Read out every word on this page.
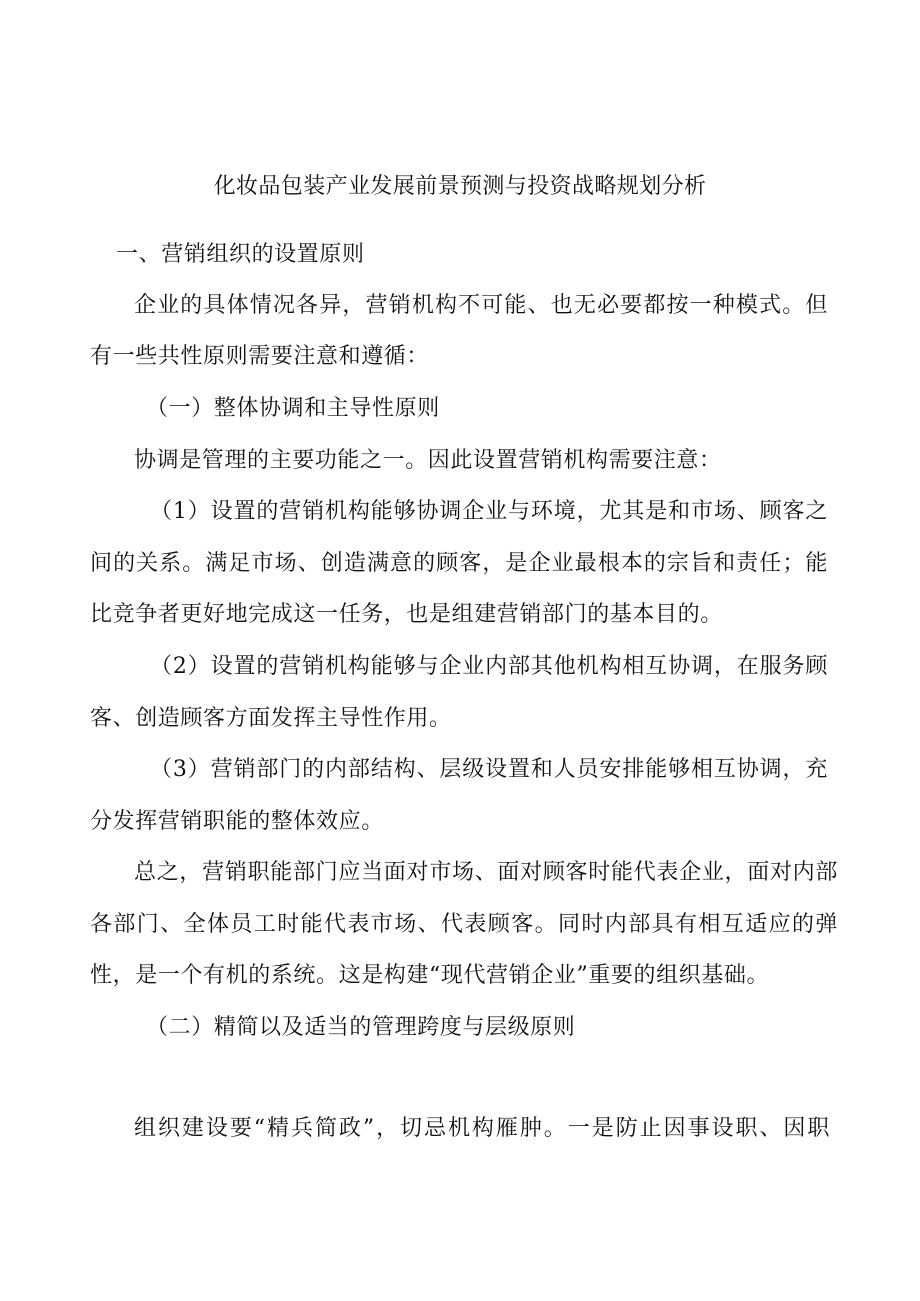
化妆品包装产业发展前景预测与投资战略规划分析
一、营销组织的设置原则
企业的具体情况各异，营销机构不可能、也无必要都按一种模式。但
有一些共性原则需要注意和遵循：
（一）整体协调和主导性原则
协调是管理的主要功能之一。因此设置营销机构需要注意：
（1）设置的营销机构能够协调企业与环境，尤其是和市场、顾客之
间的关系。满足市场、创造满意的顾客，是企业最根本的宗旨和责任；能
比竞争者更好地完成这一任务，也是组建营销部门的基本目的。
（2）设置的营销机构能够与企业内部其他机构相互协调，在服务顾
客、创造顾客方面发挥主导性作用。
（3）营销部门的内部结构、层级设置和人员安排能够相互协调，充
分发挥营销职能的整体效应。
总之，营销职能部门应当面对市场、面对顾客时能代表企业，面对内部
各部门、全体员工时能代表市场、代表顾客。同时内部具有相互适应的弹
性，是一个有机的系统。这是构建“现代营销企业”重要的组织基础。
（二）精简以及适当的管理跨度与层级原则
组织建设要“精兵简政”，切忌机构雁肿。一是防止因事设职、因职
